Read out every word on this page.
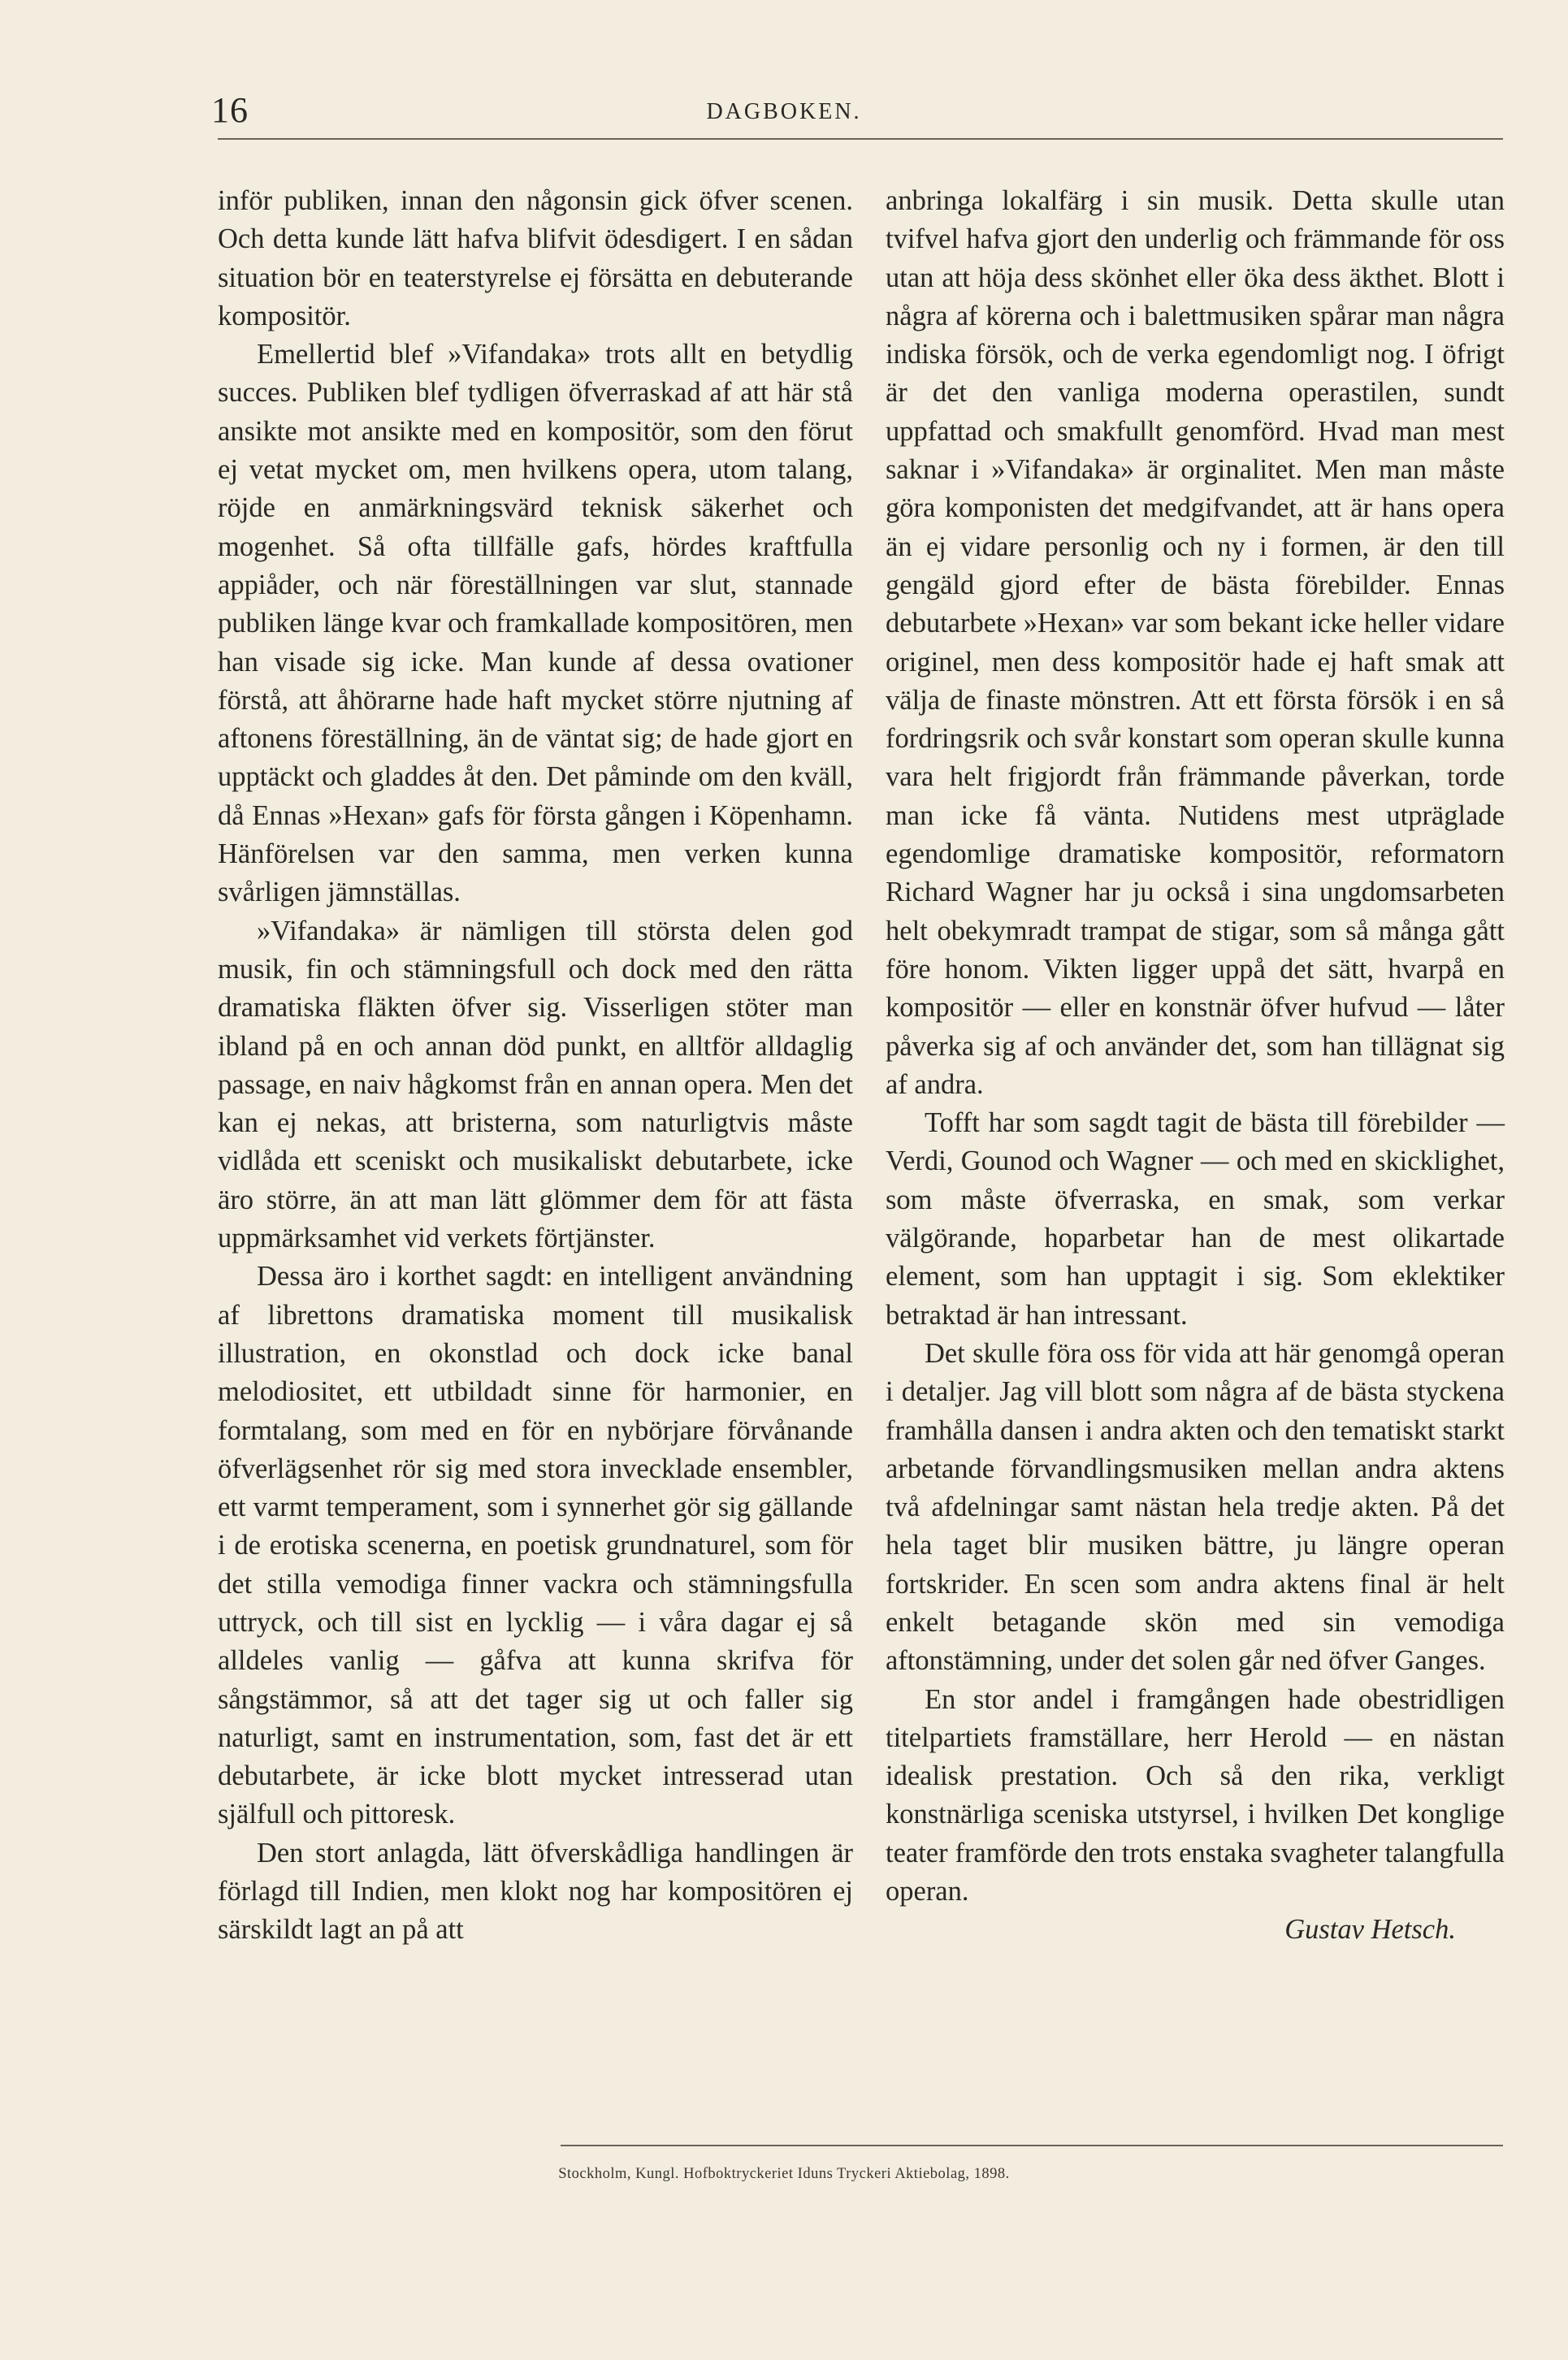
16	DAGBOKEN.

inför publiken, innan den någonsin gick öfver scenen. Och detta kunde lätt hafva blifvit ödesdigert. I en sådan situation bör en teaterstyrelse ej försätta en debuterande kompositör.

Emellertid blef »Vifandaka» trots allt en betydlig succes. Publiken blef tydligen öfverraskad af att här stå ansikte mot ansikte med en kompositör, som den förut ej vetat mycket om, men hvilkens opera, utom talang, röjde en anmärkningsvärd teknisk säkerhet och mogenhet. Så ofta tillfälle gafs, hördes kraftfulla appiåder, och när föreställningen var slut, stannade publiken länge kvar och framkallade kompositören, men han visade sig icke. Man kunde af dessa ovationer förstå, att åhörarne hade haft mycket större njutning af aftonens föreställning, än de väntat sig; de hade gjort en upptäckt och gladdes åt den. Det påminde om den kväll, då Ennas »Hexan» gafs för första gången i Köpenhamn. Hänförelsen var den samma, men verken kunna svårligen jämnställas.

»Vifandaka» är nämligen till största delen god musik, fin och stämningsfull och dock med den rätta dramatiska fläkten öfver sig. Visserligen stöter man ibland på en och annan död punkt, en alltför alldaglig passage, en naiv hågkomst från en annan opera. Men det kan ej nekas, att bristerna, som naturligtvis måste vidlåda ett sceniskt och musikaliskt debutarbete, icke äro större, än att man lätt glömmer dem för att fästa uppmärksamhet vid verkets förtjänster.

Dessa äro i korthet sagdt: en intelligent användning af librettons dramatiska moment till musikalisk illustration, en okonstlad och dock icke banal melodiositet, ett utbildadt sinne för harmonier, en formtalang, som med en för en nybörjare förvånande öfverlägsenhet rör sig med stora invecklade ensembler, ett varmt temperament, som i synnerhet gör sig gällande i de erotiska scenerna, en poetisk grundnaturel, som för det stilla vemodiga finner vackra och stämningsfulla uttryck, och till sist en lycklig — i våra dagar ej så alldeles vanlig — gåfva att kunna skrifva för sångstämmor, så att det tager sig ut och faller sig naturligt, samt en instrumentation, som, fast det är ett debutarbete, är icke blott mycket intresserad utan själfull och pittoresk.

Den stort anlagda, lätt öfverskådliga handlingen är förlagd till Indien, men klokt nog har kompositören ej särskildt lagt an på att

anbringa lokalfärg i sin musik. Detta skulle utan tvifvel hafva gjort den underlig och främmande för oss utan att höja dess skönhet eller öka dess äkthet. Blott i några af körerna och i balettmusiken spårar man några indiska försök, och de verka egendomligt nog. I öfrigt är det den vanliga moderna operastilen, sundt uppfattad och smakfullt genomförd. Hvad man mest saknar i »Vifandaka» är orginalitet. Men man måste göra komponisten det medgifvandet, att är hans opera än ej vidare personlig och ny i formen, är den till gengäld gjord efter de bästa förebilder. Ennas debutarbete »Hexan» var som bekant icke heller vidare originel, men dess kompositör hade ej haft smak att välja de finaste mönstren. Att ett första försök i en så fordringsrik och svår konstart som operan skulle kunna vara helt frigjordt från främmande påverkan, torde man icke få vänta. Nutidens mest utpräglade egendomlige dramatiske kompositör, reformatorn Richard Wagner har ju också i sina ungdomsarbeten helt obekymradt trampat de stigar, som så många gått före honom. Vikten ligger uppå det sätt, hvarpå en kompositör — eller en konstnär öfver hufvud — låter påverka sig af och använder det, som han tillägnat sig af andra.

Tofft har som sagdt tagit de bästa till förebilder — Verdi, Gounod och Wagner — och med en skicklighet, som måste öfverraska, en smak, som verkar välgörande, hoparbetar han de mest olikartade element, som han upptagit i sig. Som eklektiker betraktad är han intressant.

Det skulle föra oss för vida att här genomgå operan i detaljer. Jag vill blott som några af de bästa styckena framhålla dansen i andra akten och den tematiskt starkt arbetande förvandlingsmusiken mellan andra aktens två afdelningar samt nästan hela tredje akten. På det hela taget blir musiken bättre, ju längre operan fortskrider. En scen som andra aktens final är helt enkelt betagande skön med sin vemodiga aftonstämning, under det solen går ned öfver Ganges.

En stor andel i framgången hade obestridligen titelpartiets framställare, herr Herold — en nästan idealisk prestation. Och så den rika, verkligt konstnärliga sceniska utstyrsel, i hvilken Det konglige teater framförde den trots enstaka svagheter talangfulla operan.

Gustav Hetsch.

Stockholm, Kungl. Hofboktryckeriet Iduns Tryckeri Aktiebolag, 1898.
